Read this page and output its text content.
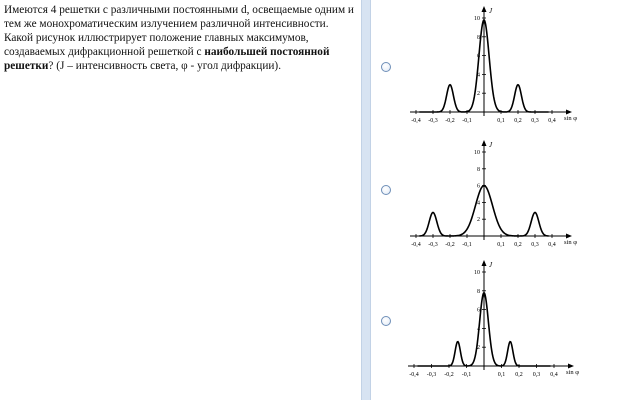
Имеются 4 решетки с различными постоянными d, освещаемые одним и тем же монохроматическим излучением различной интенсивности. Какой рисунок иллюстрирует положение главных максимумов, создаваемых дифракционной решеткой с наибольшей постоянной решетки? (J – интенсивность света, φ - угол дифракции).
J
sin φ
-0,4 -0,3 -0,2 -0,1	0,1 0,2 0,3 0,4
2
4
6
8
10
J
sin φ
-0,4 -0,3 -0,2 -0,1	0,1 0,2 0,3 0,4
2
4
6
8
10
J
sin φ
-0,4 -0,3 -0,2 -0,1	0,1 0,2 0,3 0,4
2
4
6
8
10
